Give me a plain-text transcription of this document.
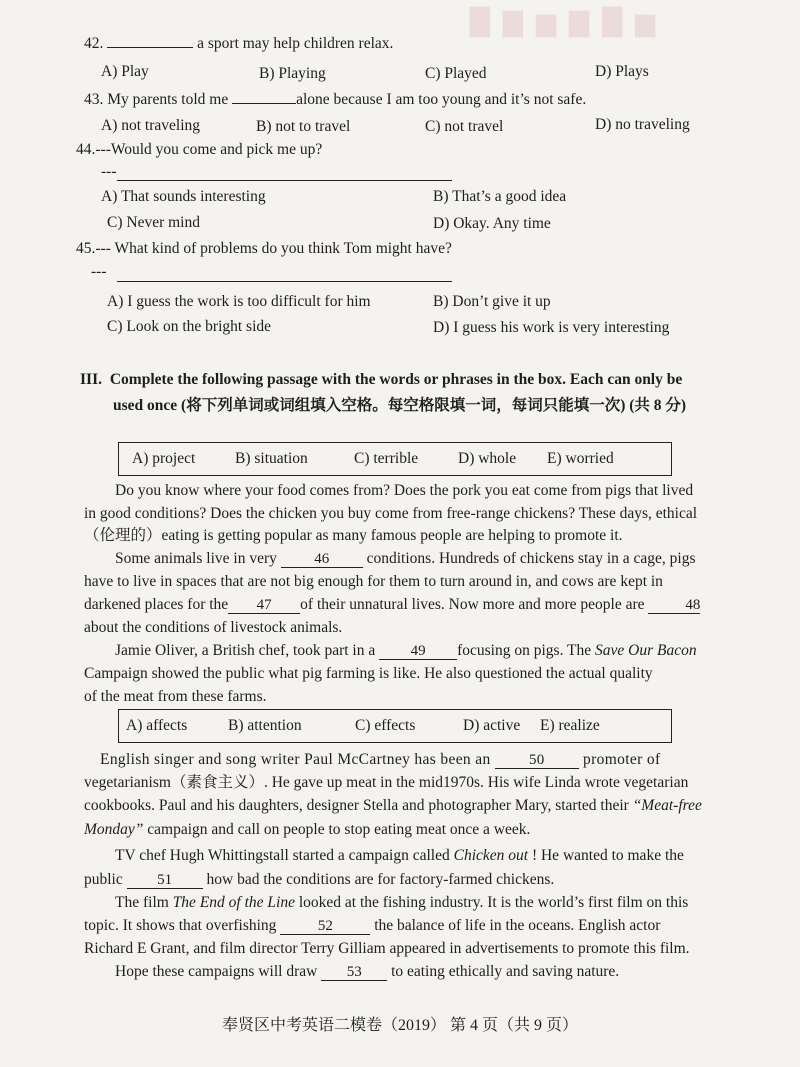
█ ▇ ▆ ▇ █ ▆
42.	a sport may help children relax.
A) Play	B) Playing	C) Played	D) Plays
43. My parents told me	alone because I am too young and it’s not safe.
A) not traveling	B) not to travel	C) not travel	D) no traveling
44.---Would you come and pick me up?
---
A) That sounds interesting	B) That’s a good idea
C) Never mind	D) Okay. Any time
45.--- What kind of problems do you think Tom might have?
---
A) I guess the work is too difficult for him	B) Don’t give it up
C) Look on the bright side	D) I guess his work is very interesting
III. Complete the following passage with the words or phrases in the box. Each can only be
used once (将下列单词或词组填入空格。每空格限填一词，每词只能填一次) (共 8 分)
A) project	B) situation	C) terrible	D) whole E) worried
Do you know where your food comes from? Does the pork you eat come from pigs that lived
in good conditions? Does the chicken you buy come from free-range chickens? These days, ethical
（伦理的）eating is getting popular as many famous people are helping to promote it.
Some animals live in very 46 conditions. Hundreds of chickens stay in a cage, pigs
have to live in spaces that are not big enough for them to turn around in, and cows are kept in
darkened places for the 47 of their unnatural lives. Now more and more people are	48
about the conditions of livestock animals.
Jamie Oliver, a British chef, took part in a 49 focusing on pigs. The Save Our Bacon
Campaign showed the public what pig farming is like. He also questioned the actual quality
of the meat from these farms.
A) affects	B) attention	C) effects	D) active E) realize
English singer and song writer Paul McCartney has been an	50 promoter of
vegetarianism（素食主义）. He gave up meat in the mid1970s. His wife Linda wrote vegetarian
cookbooks. Paul and his daughters, designer Stella and photographer Mary, started their “Meat-free
Monday” campaign and call on people to stop eating meat once a week.
TV chef Hugh Whittingstall started a campaign called Chicken out ! He wanted to make the
public 51 how bad the conditions are for factory-farmed chickens.
The film The End of the Line looked at the fishing industry. It is the world’s first film on this
topic. It shows that overfishing	52	the balance of life in the oceans. English actor
Richard E Grant, and film director Terry Gilliam appeared in advertisements to promote this film.
Hope these campaigns will draw 53 to eating ethically and saving nature.
奉贤区中考英语二模卷（2019） 第 4 页（共 9 页）
